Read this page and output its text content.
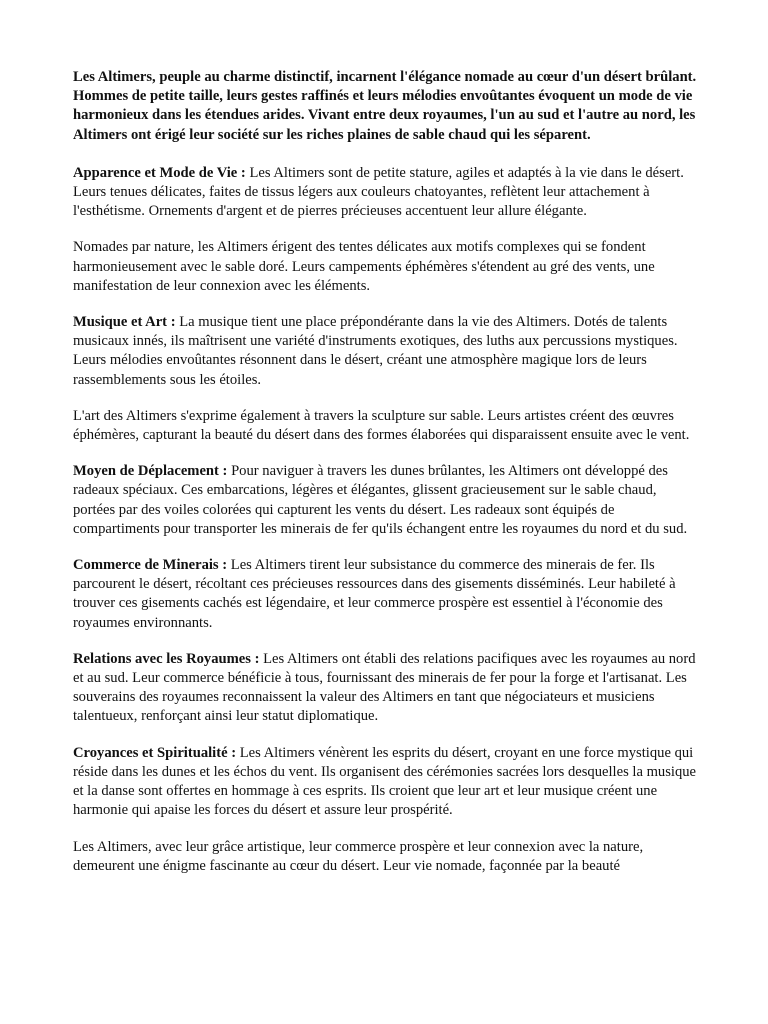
Les Altimers, peuple au charme distinctif, incarnent l'élégance nomade au cœur d'un désert brûlant. Hommes de petite taille, leurs gestes raffinés et leurs mélodies envoûtantes évoquent un mode de vie harmonieux dans les étendues arides. Vivant entre deux royaumes, l'un au sud et l'autre au nord, les Altimers ont érigé leur société sur les riches plaines de sable chaud qui les séparent.

Apparence et Mode de Vie : Les Altimers sont de petite stature, agiles et adaptés à la vie dans le désert. Leurs tenues délicates, faites de tissus légers aux couleurs chatoyantes, reflètent leur attachement à l'esthétisme. Ornements d'argent et de pierres précieuses accentuent leur allure élégante.

Nomades par nature, les Altimers érigent des tentes délicates aux motifs complexes qui se fondent harmonieusement avec le sable doré. Leurs campements éphémères s'étendent au gré des vents, une manifestation de leur connexion avec les éléments.

Musique et Art : La musique tient une place prépondérante dans la vie des Altimers. Dotés de talents musicaux innés, ils maîtrisent une variété d'instruments exotiques, des luths aux percussions mystiques. Leurs mélodies envoûtantes résonnent dans le désert, créant une atmosphère magique lors de leurs rassemblements sous les étoiles.

L'art des Altimers s'exprime également à travers la sculpture sur sable. Leurs artistes créent des œuvres éphémères, capturant la beauté du désert dans des formes élaborées qui disparaissent ensuite avec le vent.

Moyen de Déplacement : Pour naviguer à travers les dunes brûlantes, les Altimers ont développé des radeaux spéciaux. Ces embarcations, légères et élégantes, glissent gracieusement sur le sable chaud, portées par des voiles colorées qui capturent les vents du désert. Les radeaux sont équipés de compartiments pour transporter les minerais de fer qu'ils échangent entre les royaumes du nord et du sud.

Commerce de Minerais : Les Altimers tirent leur subsistance du commerce des minerais de fer. Ils parcourent le désert, récoltant ces précieuses ressources dans des gisements disséminés. Leur habileté à trouver ces gisements cachés est légendaire, et leur commerce prospère est essentiel à l'économie des royaumes environnants.

Relations avec les Royaumes : Les Altimers ont établi des relations pacifiques avec les royaumes au nord et au sud. Leur commerce bénéficie à tous, fournissant des minerais de fer pour la forge et l'artisanat. Les souverains des royaumes reconnaissent la valeur des Altimers en tant que négociateurs et musiciens talentueux, renforçant ainsi leur statut diplomatique.

Croyances et Spiritualité : Les Altimers vénèrent les esprits du désert, croyant en une force mystique qui réside dans les dunes et les échos du vent. Ils organisent des cérémonies sacrées lors desquelles la musique et la danse sont offertes en hommage à ces esprits. Ils croient que leur art et leur musique créent une harmonie qui apaise les forces du désert et assure leur prospérité.

Les Altimers, avec leur grâce artistique, leur commerce prospère et leur connexion avec la nature, demeurent une énigme fascinante au cœur du désert. Leur vie nomade, façonnée par la beauté
